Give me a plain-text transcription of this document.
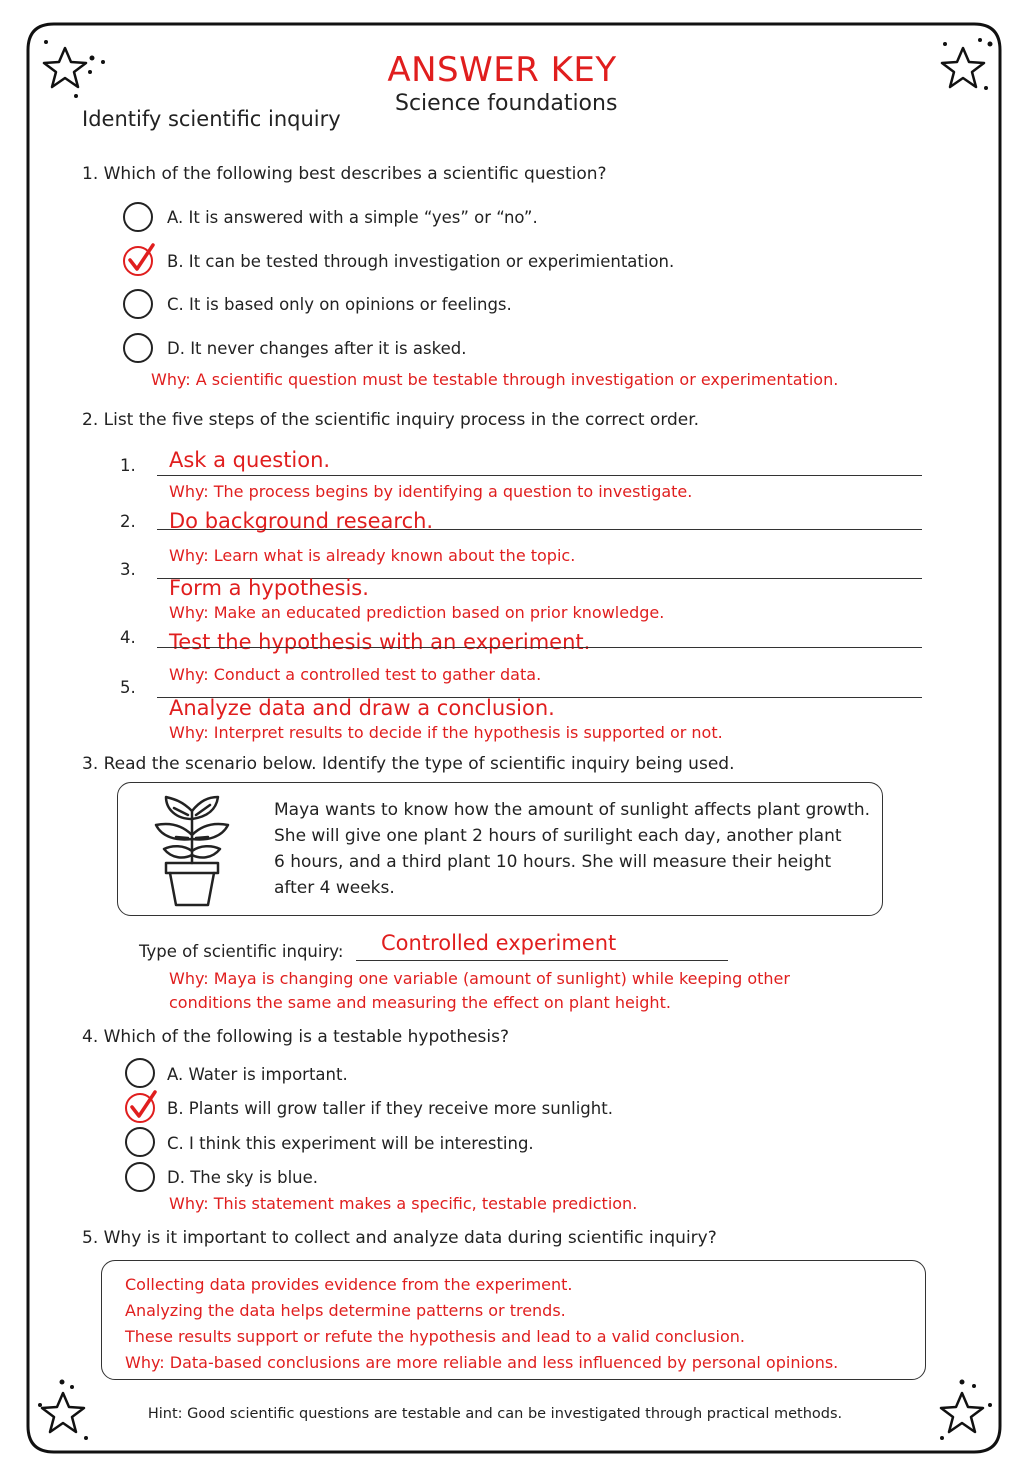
ANSWER KEY
Science foundations
Identify scientific inquiry
1. Which of the following best describes a scientific question?
A. It is answered with a simple “yes” or “no”.
B. It can be tested through investigation or experimientation.
C. It is based only on opinions or feelings.
D. It never changes after it is asked.
Why: A scientific question must be testable through investigation or experimentation.
2. List the five steps of the scientific inquiry process in the correct order.
1. Ask a question.
Why: The process begins by identifying a question to investigate.
2. Do background research.
Why: Learn what is already known about the topic.
3.
Form a hypothesis.
Why: Make an educated prediction based on prior knowledge.
4. Test the hypothesis with an experiment.
Why: Conduct a controlled test to gather data.
5.
Analyze data and draw a conclusion.
Why: Interpret results to decide if the hypothesis is supported or not.
3. Read the scenario below. Identify the type of scientific inquiry being used.
Maya wants to know how the amount of sunlight affects plant growth.
She will give one plant 2 hours of surilight each day, another plant
6 hours, and a third plant 10 hours. She will measure their height
after 4 weeks.
Type of scientific inquiry: Controlled experiment
Why: Maya is changing one variable (amount of sunlight) while keeping other
conditions the same and measuring the effect on plant height.
4. Which of the following is a testable hypothesis?
A. Water is important.
B. Plants will grow taller if they receive more sunlight.
C. I think this experiment will be interesting.
D. The sky is blue.
Why: This statement makes a specific, testable prediction.
5. Why is it important to collect and analyze data during scientific inquiry?
Collecting data provides evidence from the experiment.
Analyzing the data helps determine patterns or trends.
These results support or refute the hypothesis and lead to a valid conclusion.
Why: Data-based conclusions are more reliable and less influenced by personal opinions.
Hint: Good scientific questions are testable and can be investigated through practical methods.
